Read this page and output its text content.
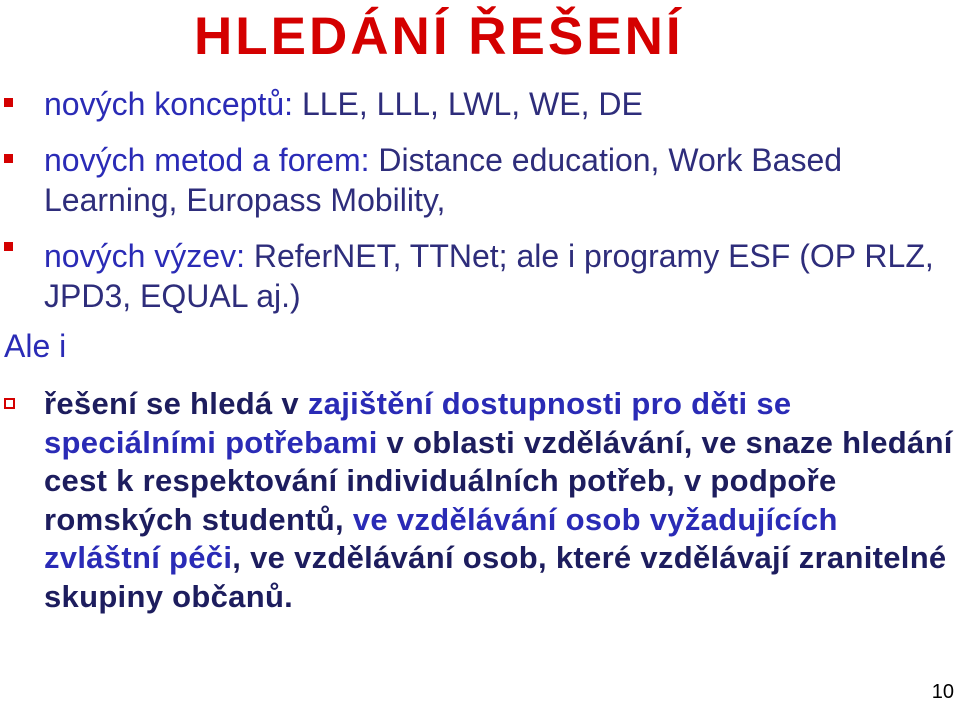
HLEDÁNÍ ŘEŠENÍ
nových konceptů: LLE, LLL, LWL, WE, DE
nových metod a forem: Distance education, Work Based Learning, Europass Mobility,
nových výzev: ReferNET, TTNet; ale i programy ESF (OP RLZ, JPD3, EQUAL aj.)
Ale i
řešení se hledá v zajištění dostupnosti pro děti se speciálními potřebami v oblasti vzdělávání, ve snaze hledání cest k respektování individuálních potřeb, v podpoře romských studentů, ve vzdělávání osob vyžadujících zvláštní péči, ve vzdělávání osob, které vzdělávají zranitelné skupiny občanů.
10
